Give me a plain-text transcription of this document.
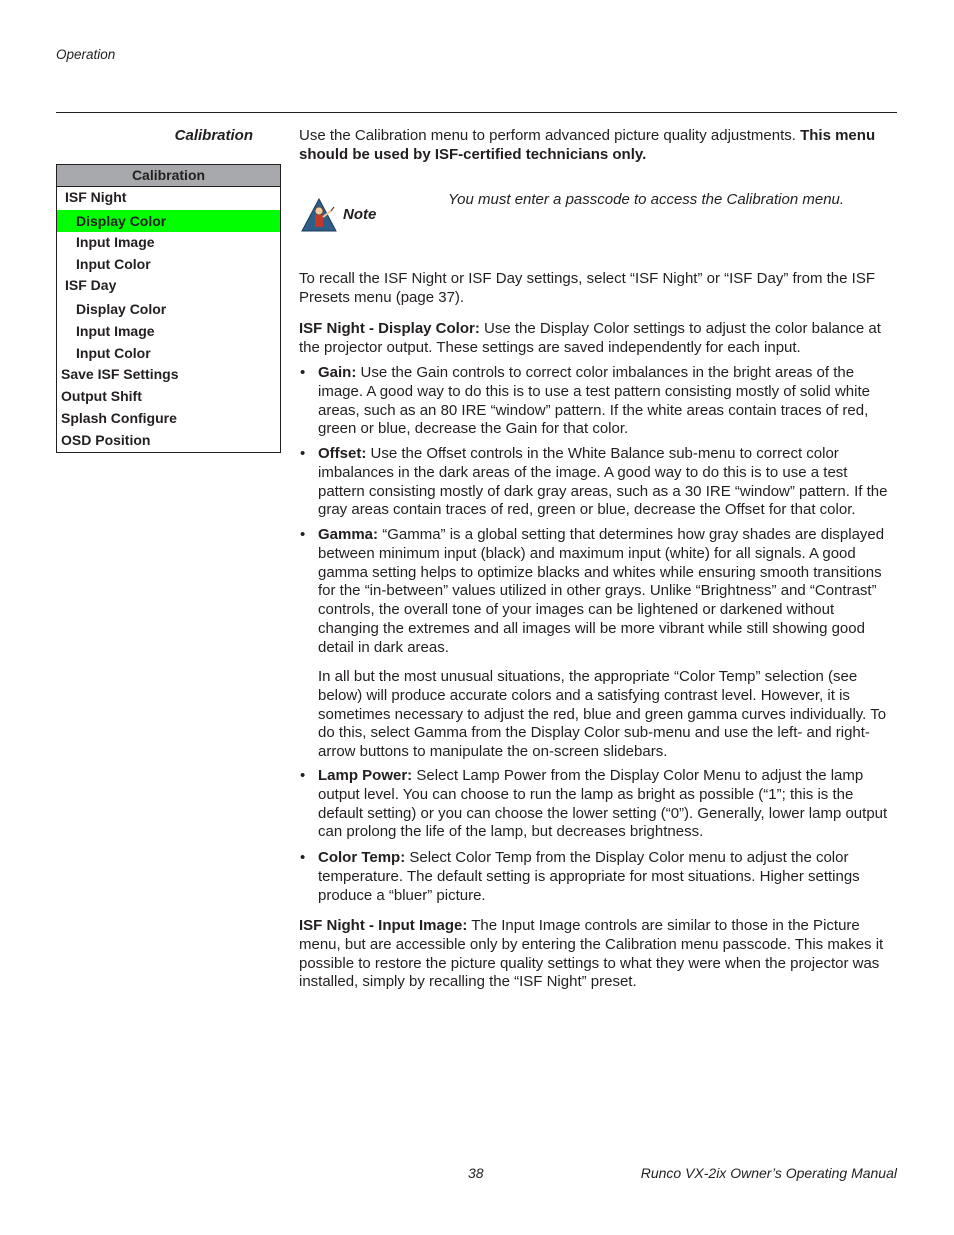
Operation
Calibration
Calibration
ISF Night
Display Color
Input Image
Input Color
ISF Day
Display Color
Input Image
Input Color
Save ISF Settings
Output Shift
Splash Configure
OSD Position
Use the Calibration menu to perform advanced picture quality adjustments. This menu should be used by ISF-certified technicians only.
Note
You must enter a passcode to access the Calibration menu.
To recall the ISF Night or ISF Day settings, select “ISF Night” or “ISF Day” from the ISF Presets menu (page 37).
ISF Night - Display Color: Use the Display Color settings to adjust the color balance at the projector output. These settings are saved independently for each input.
• Gain: Use the Gain controls to correct color imbalances in the bright areas of the image. A good way to do this is to use a test pattern consisting mostly of solid white areas, such as an 80 IRE “window” pattern. If the white areas contain traces of red, green or blue, decrease the Gain for that color.
• Offset: Use the Offset controls in the White Balance sub-menu to correct color imbalances in the dark areas of the image. A good way to do this is to use a test pattern consisting mostly of dark gray areas, such as a 30 IRE “window” pattern. If the gray areas contain traces of red, green or blue, decrease the Offset for that color.
• Gamma: “Gamma” is a global setting that determines how gray shades are displayed between minimum input (black) and maximum input (white) for all signals. A good gamma setting helps to optimize blacks and whites while ensuring smooth transitions for the “in-between” values utilized in other grays. Unlike “Brightness” and “Contrast” controls, the overall tone of your images can be lightened or darkened without changing the extremes and all images will be more vibrant while still showing good detail in dark areas.
In all but the most unusual situations, the appropriate “Color Temp” selection (see below) will produce accurate colors and a satisfying contrast level. However, it is sometimes necessary to adjust the red, blue and green gamma curves individually. To do this, select Gamma from the Display Color sub-menu and use the left- and right-arrow buttons to manipulate the on-screen slidebars.
• Lamp Power: Select Lamp Power from the Display Color Menu to adjust the lamp output level. You can choose to run the lamp as bright as possible (“1”; this is the default setting) or you can choose the lower setting (“0”). Generally, lower lamp output can prolong the life of the lamp, but decreases brightness.
• Color Temp: Select Color Temp from the Display Color menu to adjust the color temperature. The default setting is appropriate for most situations. Higher settings produce a “bluer” picture.
ISF Night - Input Image: The Input Image controls are similar to those in the Picture menu, but are accessible only by entering the Calibration menu passcode. This makes it possible to restore the picture quality settings to what they were when the projector was installed, simply by recalling the “ISF Night” preset.
38	Runco VX-2ix Owner’s Operating Manual
